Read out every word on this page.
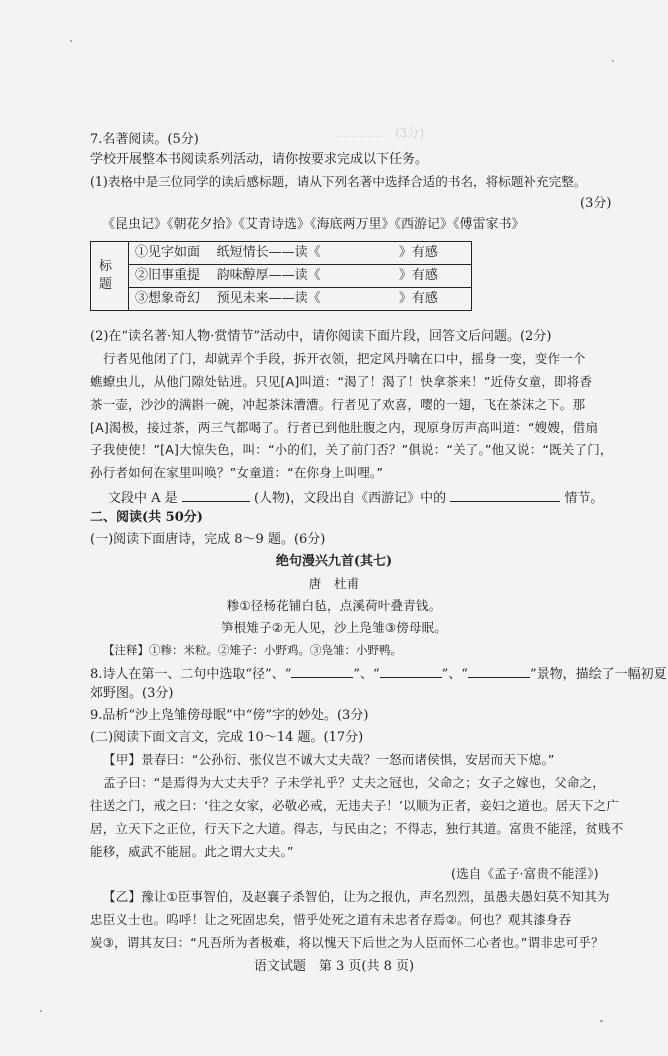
…………　(3分)
7.名著阅读。(5分)
学校开展整本书阅读系列活动，请你按要求完成以下任务。
(1)表格中是三位同学的读后感标题，请从下列名著中选择合适的书名，将标题补充完整。
(3分)
《昆虫记》《朝花夕拾》《艾青诗选》《海底两万里》《西游记》《傅雷家书》
标题	①见字如面 纸短情长——读《	》有感
②旧事重提 韵味醇厚——读《	》有感
③想象奇幻 预见未来——读《	》有感
(2)在“读名著·知人物·赏情节”活动中，请你阅读下面片段，回答文后问题。(2分)
行者见他闭了门，却就弄个手段，拆开衣领，把定风丹噙在口中，摇身一变，变作一个
蟭蟟虫儿，从他门隙处钻进。只见[A]叫道：“渴了！渴了！快拿茶来！”近侍女童，即将香
茶一壶，沙沙的满斟一碗，冲起茶沫漕漕。行者见了欢喜，嘤的一翅，飞在茶沫之下。那
[A]渴极，接过茶，两三气都喝了。行者已到他肚腹之内，现原身厉声高叫道：“嫂嫂，借扇
子我使使！”[A]大惊失色，叫：“小的们，关了前门否？”俱说：“关了。”他又说：“既关了门，
孙行者如何在家里叫唤？”女童道：“在你身上叫哩。”
文段中 A 是	(人物)，文段出自《西游记》中的	情节。
二、阅读(共 50分)
(一)阅读下面唐诗，完成 8～9 题。(6分)
绝句漫兴九首(其七)
唐　杜甫
糁①径杨花铺白毡，点溪荷叶叠青钱。
笋根雉子②无人见，沙上凫雏③傍母眠。
【注释】①糁：米粒。②雉子：小野鸡。③凫雏：小野鸭。
8.诗人在第一、二句中选取“径”、“	”、“	”、“	”景物，描绘了一幅初夏
郊野图。(3分)
9.品析“沙上凫雏傍母眠”中“傍”字的妙处。(3分)
(二)阅读下面文言文，完成 10～14 题。(17分)
【甲】景春曰：“公孙衍、张仪岂不诚大丈夫哉？一怒而诸侯惧，安居而天下熄。”
孟子曰：“是焉得为大丈夫乎？子未学礼乎？丈夫之冠也，父命之；女子之嫁也，父命之，
往送之门，戒之曰：‘往之女家，必敬必戒，无违夫子！’以顺为正者，妾妇之道也。居天下之广
居，立天下之正位，行天下之大道。得志，与民由之；不得志，独行其道。富贵不能淫，贫贱不
能移，威武不能屈。此之谓大丈夫。”
(选自《孟子·富贵不能淫》)
【乙】豫让①臣事智伯，及赵襄子杀智伯，让为之报仇，声名烈烈，虽愚夫愚妇莫不知其为
忠臣义士也。呜呼！让之死固忠矣，惜乎处死之道有未忠者存焉②。何也？观其漆身吞
炭③，谓其友曰：“凡吾所为者极难，将以愧天下后世之为人臣而怀二心者也。”谓非忠可乎？
语文试题　第 3 页(共 8 页)
